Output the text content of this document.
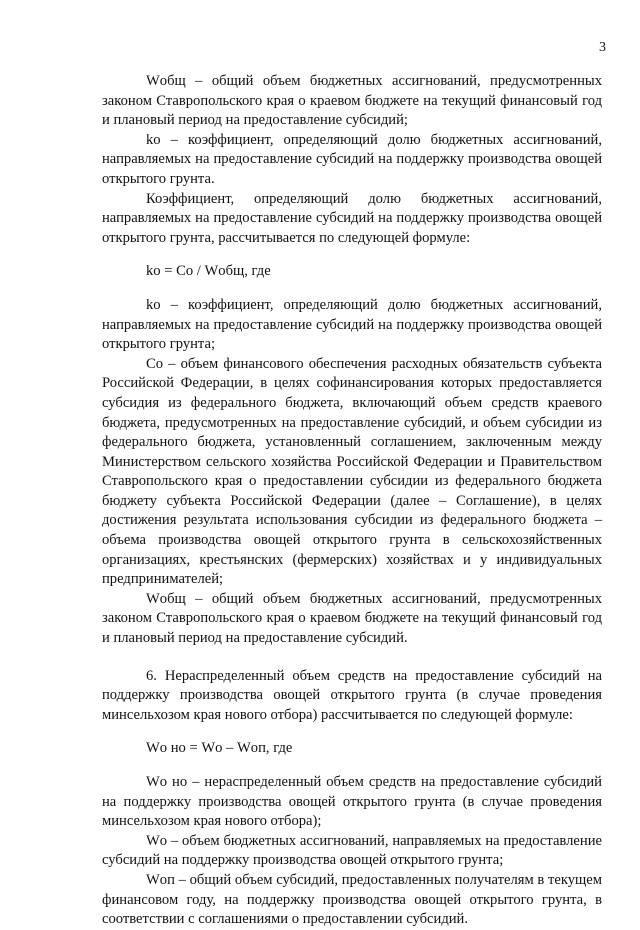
3

Wобщ – общий объем бюджетных ассигнований, предусмотренных законом Ставропольского края о краевом бюджете на текущий финансовый год и плановый период на предоставление субсидий;

kо – коэффициент, определяющий долю бюджетных ассигнований, направляемых на предоставление субсидий на поддержку производства овощей открытого грунта.

Коэффициент, определяющий долю бюджетных ассигнований, направляемых на предоставление субсидий на поддержку производства овощей открытого грунта, рассчитывается по следующей формуле:

kо = Cо / Wобщ, где

kо – коэффициент, определяющий долю бюджетных ассигнований, направляемых на предоставление субсидий на поддержку производства овощей открытого грунта;

Cо – объем финансового обеспечения расходных обязательств субъекта Российской Федерации, в целях софинансирования которых предоставляется субсидия из федерального бюджета, включающий объем средств краевого бюджета, предусмотренных на предоставление субсидий, и объем субсидии из федерального бюджета, установленный соглашением, заключенным между Министерством сельского хозяйства Российской Федерации и Правительством Ставропольского края о предоставлении субсидии из федерального бюджета бюджету субъекта Российской Федерации (далее – Соглашение), в целях достижения результата использования субсидии из федерального бюджета – объема производства овощей открытого грунта в сельскохозяйственных организациях, крестьянских (фермерских) хозяйствах и у индивидуальных предпринимателей;

Wобщ – общий объем бюджетных ассигнований, предусмотренных законом Ставропольского края о краевом бюджете на текущий финансовый год и плановый период на предоставление субсидий.

6. Нераспределенный объем средств на предоставление субсидий на поддержку производства овощей открытого грунта (в случае проведения минсельхозом края нового отбора) рассчитывается по следующей формуле:

Wо но = Wо – Wоп, где

Wо но – нераспределенный объем средств на предоставление субсидий на поддержку производства овощей открытого грунта (в случае проведения минсельхозом края нового отбора);

Wо – объем бюджетных ассигнований, направляемых на предоставление субсидий на поддержку производства овощей открытого грунта;

Wоп – общий объем субсидий, предоставленных получателям в текущем финансовом году, на поддержку производства овощей открытого грунта, в соответствии с соглашениями о предоставлении субсидий.
